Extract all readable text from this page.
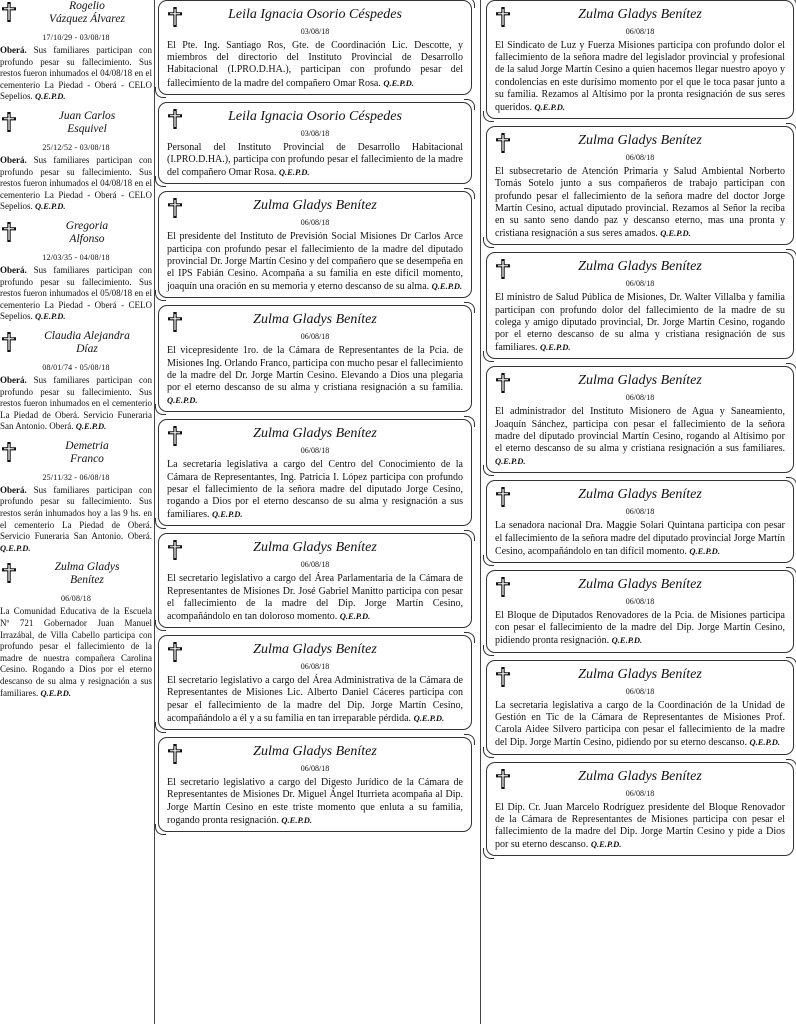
Rogelio
Vázquez Álvarez
17/10/29 - 03/08/18
Oberá. Sus familiares participan con profundo pesar su fallecimiento. Sus restos fueron inhumados el 04/08/18 en el cementerio La Piedad - Oberá - CELO Sepelios. Q.E.P.D.
Juan Carlos
Esquivel
25/12/52 - 03/08/18
Oberá. Sus familiares participan con profundo pesar su fallecimiento. Sus restos fueron inhumados el 04/08/18 en el cementerio La Piedad - Oberá - CELO Sepelios. Q.E.P.D.
Gregoria
Alfonso
12/03/35 - 04/08/18
Oberá. Sus familiares participan con profundo pesar su fallecimiento. Sus restos fueron inhumados el 05/08/18 en el cementerio La Piedad - Oberá - CELO Sepelios. Q.E.P.D.
Claudia Alejandra
Díaz
08/01/74 - 05/08/18
Oberá. Sus familiares participan con profundo pesar su fallecimiento. Sus restos fueron inhumados en el cementerio La Piedad de Oberá. Servicio Funeraria San Antonio. Oberá. Q.E.P.D.
Demetria
Franco
25/11/32 - 06/08/18
Oberá. Sus familiares participan con profundo pesar su fallecimiento. Sus restos serán inhumados hoy a las 9 hs. en el cementerio La Piedad de Oberá. Servicio Funeraria San Antonio. Oberá. Q.E.P.D.
Zulma Gladys
Benítez
06/08/18
La Comunidad Educativa de la Escuela Nº 721 Gobernador Juan Manuel Irrazábal, de Villa Cabello participa con profundo pesar el fallecimiento de la madre de nuestra compañera Carolina Cesino. Rogando a Dios por el eterno descanso de su alma y resignación a sus familiares. Q.E.P.D.
Leila Ignacia Osorio Céspedes
03/08/18
El Pte. Ing. Santiago Ros, Gte. de Coordinación Lic. Descotte, y miembros del directorio del Instituto Provincial de Desarrollo Habitacional (I.PRO.D.HA.), participan con profundo pesar del fallecimiento de la madre del compañero Omar Rosa. Q.E.P.D.
Leila Ignacia Osorio Céspedes
03/08/18
Personal del Instituto Provincial de Desarrollo Habitacional (I.PRO.D.HA.), participa con profundo pesar el fallecimiento de la madre del compañero Omar Rosa. Q.E.P.D.
Zulma Gladys Benítez
06/08/18
El presidente del Instituto de Previsión Social Misiones Dr Carlos Arce participa con profundo pesar el fallecimiento de la madre del diputado provincial Dr. Jorge Martín Cesino y del compañero que se desempeña en el IPS Fabián Cesino. Acompaña a su familia en este difícil momento, joaquín una oración en su memoria y eterno descanso de su alma. Q.E.P.D.
Zulma Gladys Benítez
06/08/18
El vicepresidente 1ro. de la Cámara de Representantes de la Pcia. de Misiones Ing. Orlando Franco, participa con mucho pesar el fallecimiento de la madre del Dr. Jorge Martín Cesino. Elevando a Dios una plegaria por el eterno descanso de su alma y cristiana resignación a su familia. Q.E.P.D.
Zulma Gladys Benítez
06/08/18
La secretaria legislativa a cargo del Centro del Conocimiento de la Cámara de Representantes, Ing. Patricia I. López participa con profundo pesar el fallecimiento de la señora madre del diputado Jorge Cesino, rogando a Dios por el eterno descanso de su alma y resignación a sus familiares. Q.E.P.D.
Zulma Gladys Benítez
06/08/18
El secretario legislativo a cargo del Área Parlamentaria de la Cámara de Representantes de Misiones Dr. José Gabriel Manitto participa con pesar el fallecimiento de la madre del Dip. Jorge Martín Cesino, acompañándolo en tan doloroso momento. Q.E.P.D.
Zulma Gladys Benítez
06/08/18
El secretario legislativo a cargo del Área Administrativa de la Cámara de Representantes de Misiones Lic. Alberto Daniel Cáceres participa con pesar el fallecimiento de la madre del Dip. Jorge Martín Cesino, acompañándolo a él y a su familia en tan irreparable pérdida. Q.E.P.D.
Zulma Gladys Benítez
06/08/18
El secretario legislativo a cargo del Digesto Jurídico de la Cámara de Representantes de Misiones Dr. Miguel Ángel Iturrieta acompaña al Dip. Jorge Martín Cesino en este triste momento que enluta a su familia, rogando pronta resignación. Q.E.P.D.
Zulma Gladys Benítez
06/08/18
El Sindicato de Luz y Fuerza Misiones participa con profundo dolor el fallecimiento de la señora madre del legislador provincial y profesional de la salud Jorge Martín Cesino a quien hacemos llegar nuestro apoyo y condolencias en este durísimo momento por el que le toca pasar junto a su familia. Rezamos al Altísimo por la pronta resignación de sus seres queridos. Q.E.P.D.
Zulma Gladys Benítez
06/08/18
El subsecretario de Atención Primaria y Salud Ambiental Norberto Tomás Sotelo junto a sus compañeros de trabajo participan con profundo pesar el fallecimiento de la señora madre del doctor Jorge Martín Cesino, actual diputado provincial. Rezamos al Señor la reciba en su santo seno dando paz y descanso eterno, mas una pronta y cristiana resignación a sus seres amados. Q.E.P.D.
Zulma Gladys Benítez
06/08/18
El ministro de Salud Pública de Misiones, Dr. Walter Villalba y familia participan con profundo dolor del fallecimiento de la madre de su colega y amigo diputado provincial, Dr. Jorge Martín Cesino, rogando por el eterno descanso de su alma y cristiana resignación de sus familiares. Q.E.P.D.
Zulma Gladys Benítez
06/08/18
El administrador del Instituto Misionero de Agua y Saneamiento, Joaquín Sánchez, participa con pesar el fallecimiento de la señora madre del diputado provincial Martín Cesino, rogando al Altísimo por el eterno descanso de su alma y cristiana resignación a sus familiares. Q.E.P.D.
Zulma Gladys Benítez
06/08/18
La senadora nacional Dra. Maggie Solari Quintana participa con pesar el fallecimiento de la señora madre del diputado provincial Jorge Martín Cesino, acompañándolo en tan difícil momento. Q.E.P.D.
Zulma Gladys Benítez
06/08/18
El Bloque de Diputados Renovadores de la Pcia. de Misiones participa con pesar el fallecimiento de la madre del Dip. Jorge Martín Cesino, pidiendo pronta resignación. Q.E.P.D.
Zulma Gladys Benítez
06/08/18
La secretaria legislativa a cargo de la Coordinación de la Unidad de Gestión en Tic de la Cámara de Representantes de Misiones Prof. Carola Aidee Silvero participa con pesar el fallecimiento de la madre del Dip. Jorge Martín Cesino, pidiendo por su eterno descanso. Q.E.P.D.
Zulma Gladys Benítez
06/08/18
El Dip. Cr. Juan Marcelo Rodríguez presidente del Bloque Renovador de la Cámara de Representantes de Misiones participa con pesar el fallecimiento de la madre del Dip. Jorge Martín Cesino y pide a Dios por su eterno descanso. Q.E.P.D.
